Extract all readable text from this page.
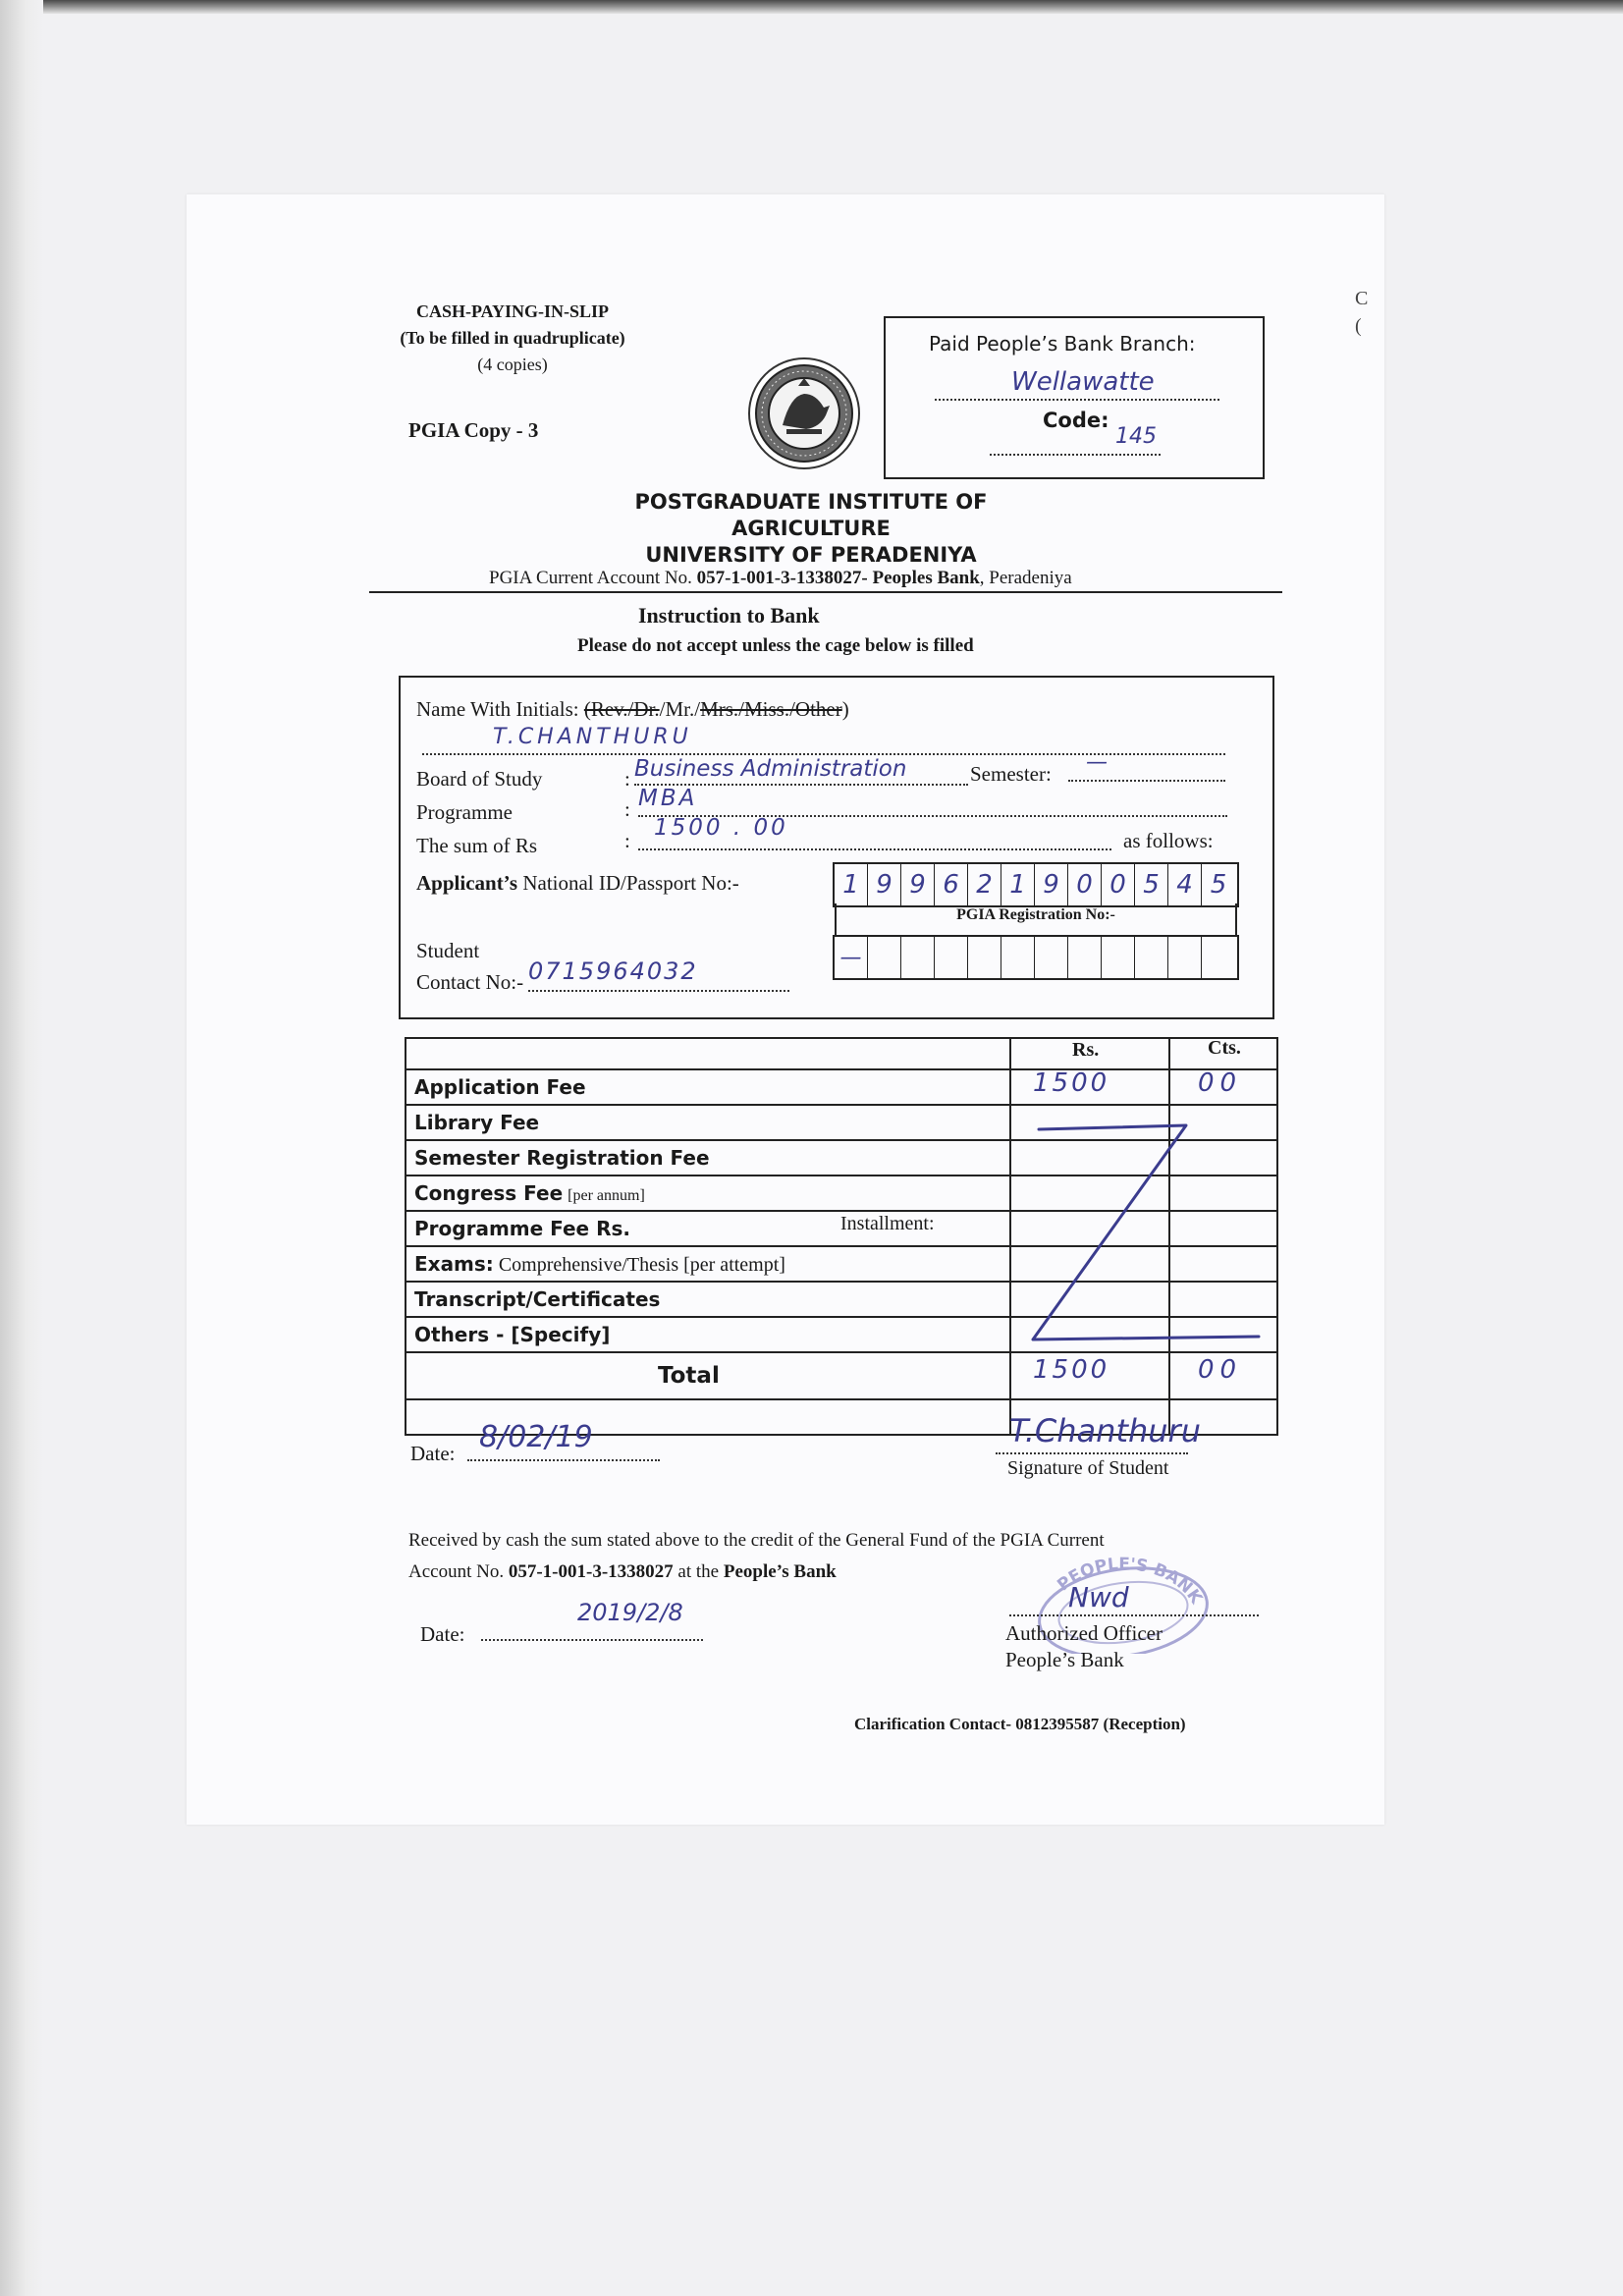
CASH-PAYING-IN-SLIP
(To be filled in quadruplicate)
(4 copies)
PGIA Copy - 3
Paid People’s Bank Branch:
Wellawatte
Code:
145
C
(
POSTGRADUATE INSTITUTE OF AGRICULTURE
UNIVERSITY OF PERADENIYA
PGIA Current Account No. 057-1-001-3-1338027- Peoples Bank, Peradeniya
Instruction to Bank
Please do not accept unless the cage below is filled
Name With Initials: (Rev./Dr./Mr./Mrs./Miss./Other)
T.CHANTHURU
Board of Study	: Business Administration	Semester: —
Programme	: MBA
The sum of Rs	: 1500 . 00	as follows:
Applicant’s National ID/Passport No:-	1 9 9 6 2 1 9 0 0 5 4 5
PGIA Registration No:-
—
Student
Contact No:- 0715964032
Rs.	Cts.
Application Fee	1500	00
Library Fee
Semester Registration Fee
Congress Fee [per annum]
Programme Fee Rs.	Installment:
Exams: Comprehensive/Thesis [per attempt]
Transcript/Certificates
Others - [Specify]
Total	1500	00
Date: 8/02/19	T.Chanthuru
Signature of Student
Received by cash the sum stated above to the credit of the General Fund of the PGIA Current
Account No. 057-1-001-3-1338027 at the People’s Bank
Date:
2019/2/8
PEOPLE'S BANK
Nwd
Authorized Officer
People’s Bank
Clarification Contact- 0812395587 (Reception)
